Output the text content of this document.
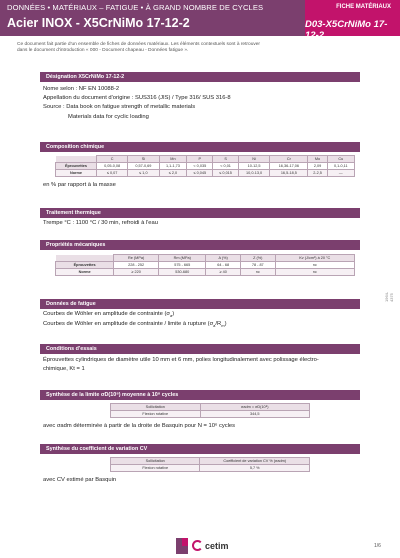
DONNÉES • MATÉRIAUX – FATIGUE • À GRAND NOMBRE DE CYCLES
Acier INOX - X5CrNiMo 17-12-2
FICHE MATÉRIAUX
D03-X5CrNiMo 17-12-2
Ce document fait partie d'un ensemble de fiches de données matériaux. Les éléments contextuels sont à retrouver
dans le document d'introduction « 000 - Document chapeau - Données fatigue ».
Désignation X5CrNiMo 17-12-2
Nome selon : NF EN 10088-2
Appellation du document d'origine : SUS316 (JIS) / Type 316/ SUS 316-8
Source : Data book on fatigue strength of metallic materials
Materials data for cyclic loading
Composition chimique
	C	Si	Mn	P	S	Ni	Cr	Mo	Cu
Éprouvettes	0,05-0,08	0,57-0,69	1,1-1,73	< 0,035	< 0,01	10-12,5	16,36-17,06	2,09	0,1-0,11
Norme	≤ 0,07	≤ 1,0	≤ 2,0	≤ 0,045	≤ 0,015	10,0-13,0	16,5-18,5	2-2,5	—
en % par rapport à la masse
Traitement thermique
Trempe °C : 1100 °C / 30 min, refroidi à l'eau
Propriétés mécaniques
	Re (MPa)	Rm (MPa)	A (%)	Z (%)	Kv (J/cm²) à 20 °C
Éprouvettes	228 - 252	575 - 665	64 - 68	78 - 87	nc
Norme	≥ 220	530-680	≥ 40	nc	nc
Données de fatigue
Courbes de Wöhler en amplitude de contrainte $(\sigma_a)$
Courbes de Wöhler en amplitude de contrainte / limite à rupture $(\sigma_a/R_m)$
Conditions d'essais
Éprouvettes cylindriques de diamètre utile 10 mm et 6 mm, polies longitudinalement avec polissage électro-
chimique, Kt = 1
Synthèse de la limite σD(10⁸) moyenne à 10⁸ cycles
Sollicitation	σadm = σD(10⁸)
Flexion rotative	344,5
avec σadm déterminée à partir de la droite de Basquin pour N = 10⁶ cycles
Synthèse du coefficient de variation CV
Sollicitation	Coefficient de variation CV % (σadm)
Flexion rotative	5,7 %
avec CV estimé par Basquin
1964-4375
cetim	1/6
